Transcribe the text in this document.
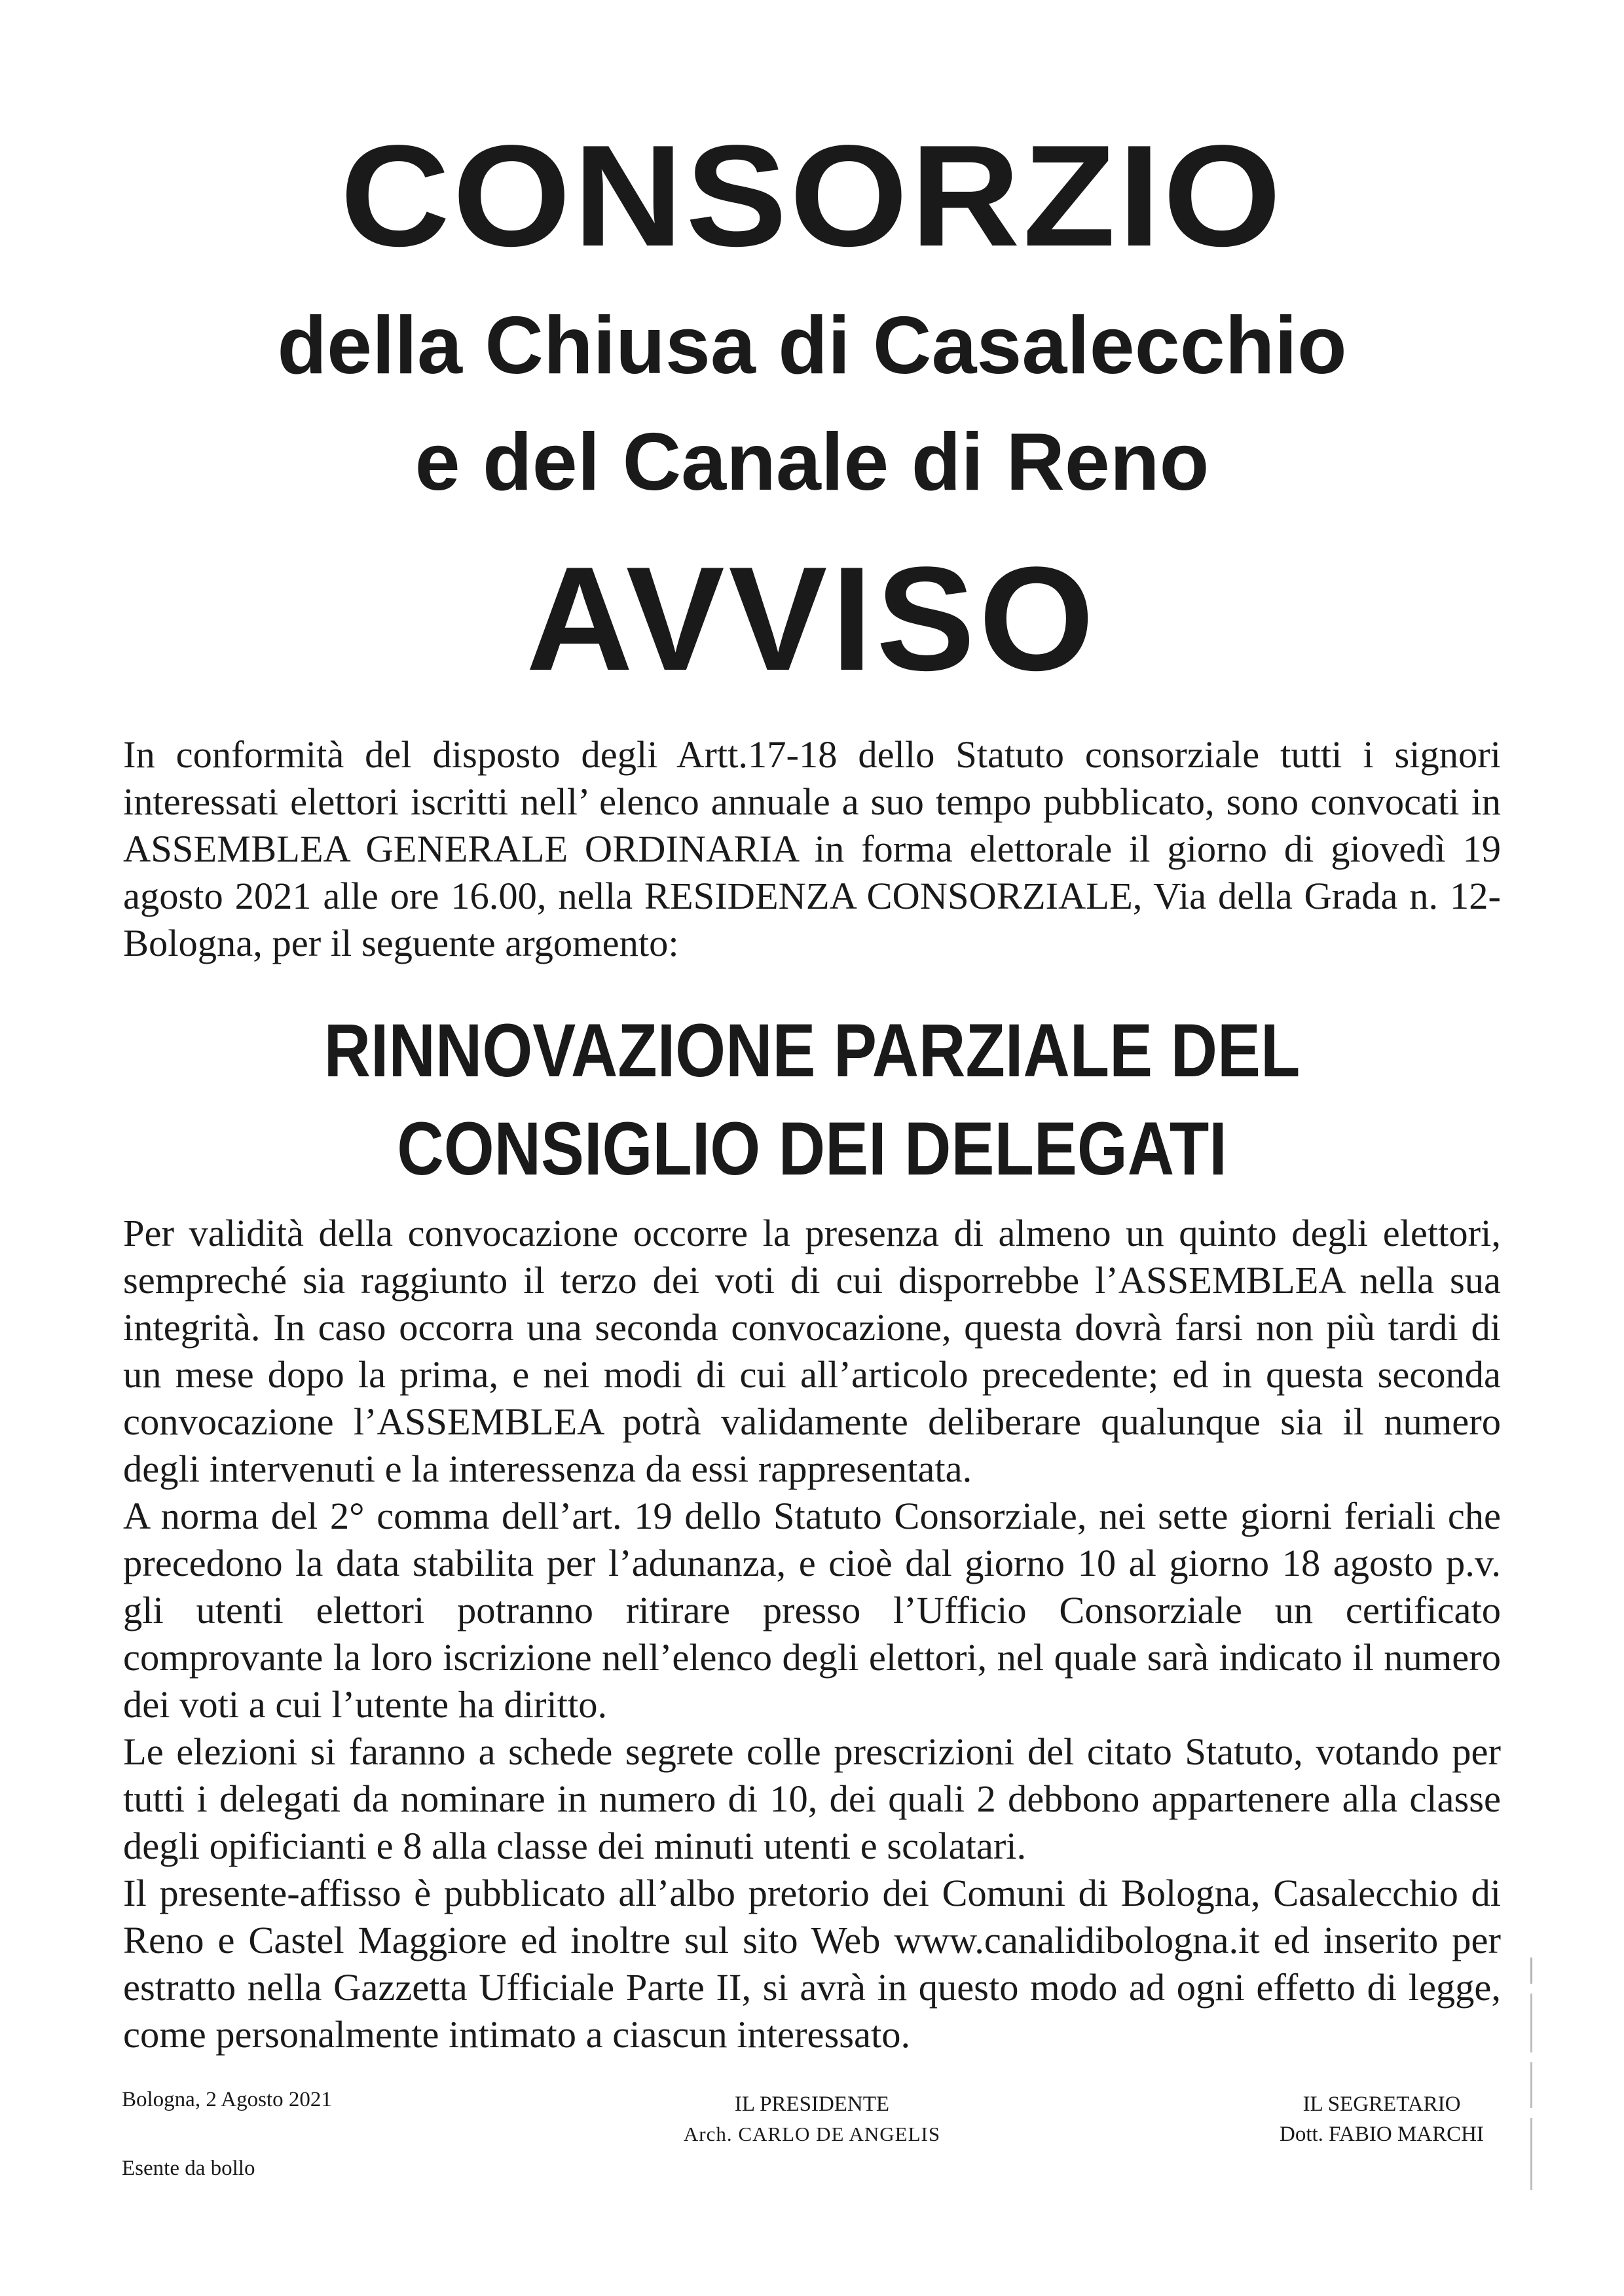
CONSORZIO
della Chiusa di Casalecchio
e del Canale di Reno
AVVISO

In conformità del disposto degli Artt.17-18 dello Statuto consorziale tutti i signori interessati elettori iscritti nell’ elenco annuale a suo tempo pubblicato, sono convocati in ASSEMBLEA GENERALE ORDINARIA in forma elettorale il giorno di giovedì 19 agosto 2021 alle ore 16.00, nella RESIDENZA CONSORZIALE, Via della Grada n. 12- Bologna, per il seguente argomento:

RINNOVAZIONE PARZIALE DEL
CONSIGLIO DEI DELEGATI
Per validità della convocazione occorre la presenza di almeno un quinto degli elettori, sempreché sia raggiunto il terzo dei voti di cui disporrebbe l’ASSEMBLEA nella sua integrità. In caso occorra una seconda convocazione, questa dovrà farsi non più tardi di un mese dopo la prima, e nei modi di cui all’articolo precedente; ed in questa seconda convocazione l’ASSEMBLEA potrà validamente deliberare qualunque sia il numero degli intervenuti e la interessenza da essi rappresentata.
A norma del 2° comma dell’art. 19 dello Statuto Consorziale, nei sette giorni feriali che precedono la data stabilita per l’adunanza, e cioè dal giorno 10 al giorno 18 agosto p.v. gli utenti elettori potranno ritirare presso l’Ufficio Consorziale un certificato comprovante la loro iscrizione nell’elenco degli elettori, nel quale sarà indicato il numero dei voti a cui l’utente ha diritto.
Le elezioni si faranno a schede segrete colle prescrizioni del citato Statuto, votando per tutti i delegati da nominare in numero di 10, dei quali 2 debbono appartenere alla classe degli opificianti e 8 alla classe dei minuti utenti e scolatari.
Il presente-affisso è pubblicato all’albo pretorio dei Comuni di Bologna, Casalecchio di Reno e Castel Maggiore ed inoltre sul sito Web www.canalidibologna.it ed inserito per estratto nella Gazzetta Ufficiale Parte II, si avrà in questo modo ad ogni effetto di legge, come personalmente intimato a ciascun interessato.
Bologna, 2 Agosto 2021
Esente da bollo
IL PRESIDENTE
Arch. CARLO DE ANGELIS
IL SEGRETARIO
Dott. FABIO MARCHI
